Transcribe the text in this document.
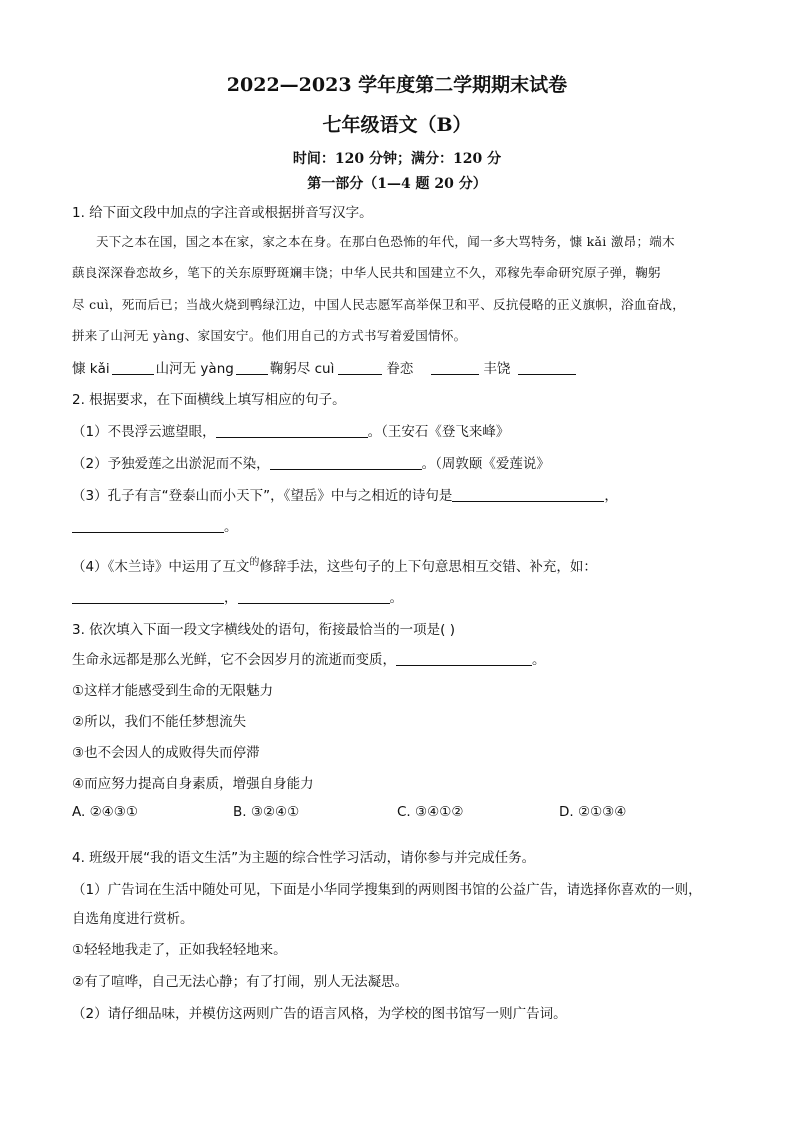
2022—2023 学年度第二学期期末试卷
七年级语文（B）
时间：120 分钟；满分：120 分
第一部分（1—4 题 20 分）
1. 给下面文段中加点的字注音或根据拼音写汉字。
天下之本在国，国之本在家，家之本在身。在那白色恐怖的年代，闻一多大骂特务，慷 kǎi 激昂；端木
蕻良深深眷恋故乡，笔下的关东原野斑斓丰饶；中华人民共和国建立不久，邓稼先奉命研究原子弹，鞠躬
尽 cuì，死而后已；当战火烧到鸭绿江边，中国人民志愿军高举保卫和平、反抗侵略的正义旗帜，浴血奋战，
拼来了山河无 yàng、家国安宁。他们用自己的方式书写着爱国情怀。
慷 kǎi	山河无 yàng	鞠躬尽 cuì	眷恋	丰饶
2. 根据要求，在下面横线上填写相应的句子。
（1）不畏浮云遮望眼，	。（王安石《登飞来峰》
（2）予独爱莲之出淤泥而不染，	。（周敦颐《爱莲说》
（3）孔子有言“登泰山而小天下”，《望岳》中与之相近的诗句是	，
。
（4）《木兰诗》中运用了互文$^的$修辞手法，这些句子的上下句意思相互交错、补充，如：
，	。
3. 依次填入下面一段文字横线处的语句，衔接最恰当的一项是( )
生命永远都是那么光鲜，它不会因岁月的流逝而变质，	。
①这样才能感受到生命的无限魅力
②所以，我们不能任梦想流失
③也不会因人的成败得失而停滞
④而应努力提高自身素质，增强自身能力
A. ②④③①	B. ③②④①	C. ③④①②	D. ②①③④
4. 班级开展“我的语文生活”为主题的综合性学习活动，请你参与并完成任务。
（1）广告词在生活中随处可见，下面是小华同学搜集到的两则图书馆的公益广告，请选择你喜欢的一则，
自选角度进行赏析。
①轻轻地我走了，正如我轻轻地来。
②有了喧哗，自己无法心静；有了打闹，别人无法凝思。
（2）请仔细品味，并模仿这两则广告的语言风格，为学校的图书馆写一则广告词。
